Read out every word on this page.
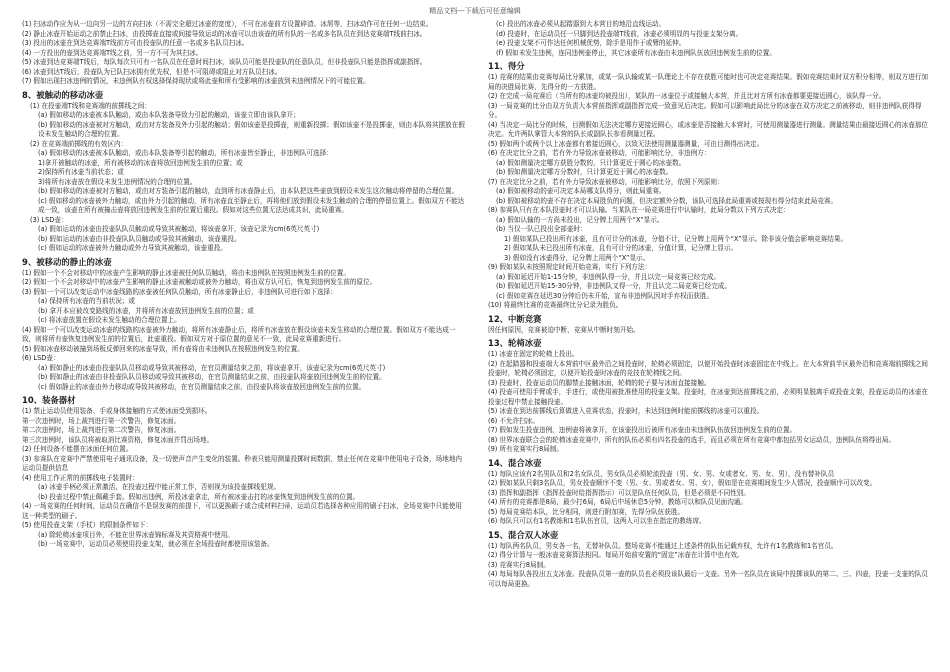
精品文档---下载后可任意编辑

(1) 扫冰动作应为从一边向另一边的方向扫冰（不需完全超过冰壶的宽度），不可在冰壶前方设置碎渣、冰屑等，扫冰动作可在任何一边结束。

(2) 静止冰壶开始运动之前禁止扫冰，由投掷壶直接或间接导致运动的冰壶可以由该壶的所有队的一名或多名队员在到达竞赛端T线前扫冰。

(3) 投出的冰壶在到达竞赛端T线前方可由投壶队的任意一名或多名队员扫冰。

(4) 一方投出的壶到达竞赛端T线之前，另一方不可为其扫冰。

(5) 冰壶到达竞赛端T线后，每队每次只可有一名队员在任意时间扫冰，该队员可能是投壶队的任意队员，但非投壶队只能是指挥或副指挥。

(6) 冰壶到达T线后，投壶队为已队扫冰拥有优先权，但是不可阻碍或阻止对方队员扫冰。

(7) 假如出现扫冰违例的情况，未违例队有权选择保持现状或将此壶和所有受影响的冰壶放到未违例情况下的可能位置。

8、被触动的移动冰壶

(1) 在投壶端T线和竞赛端的前掷线之间：

(a) 假如移动的冰壶被本队触动，或由本队装备导致力引起的触动，该壶立即由该队拿开；

(b) 假如移动的冰壶被对方触动，或由对方装备及外力引起的触动；假如该壶是投掷壶，则重新投掷；假如该壶不是投掷壶，则由本队将其摆放在假设未发生触动的合理的位置。

(2) 在竞赛端前掷线的有效区内：

(a) 假如移动的冰壶被本队触动，或由本队装备等引起的触动，所有冰壶皆至静止，非违例队可选择：

1)拿开被触动的冰壶，所有被移动的冰壶将放回违例发生前的位置；或

2)保持所有冰壶当前状态；或

3)将所有冰壶放在假设未发生违例情况的合理的位置。

(b) 假如移动的冰壶被对方触动，或由对方装备引起的触动，直到所有冰壶静止后，由本队把这些壶放到假设未发生这次触动将停留的合理位置。

(c) 假如移动的冰壶被外力触动，或由外力引起的触动，所有冰壶直至静止后，再将他们放到假设未发生触动的合理的停留位置上。假如双方不能达成一致，该壶在所有被撞击壶将放回违例发生前的位置后重投。假如对这些位置无法达成共识，此局重赛。

(3) LSD壶：

(a) 假如运动的冰壶由投壶队队员触动或导致其被触动，将该壶拿开，该壶记录为cm(6英尺英寸)

(b) 假如运动的冰壶由非投壶队队员触动或导致其被触动，该壶重投。

(c) 假如运动的冰壶被外力触动或外力导致其被触动，该壶重投。

9、被移动的静止的冰壶

(1) 假如一个不会对移动中的冰壶产生影响的静止冰壶被任何队员触动，将由未违例队在按照违例发生前的位置。

(2) 假如一个不会对移动中的冰壶产生影响的静止冰壶被触动或被外力触动，将由双方认可后，恢复到违例发生前的原位。

(3) 假如一个可以改变运动中冰壶线路的冰壶被任何队员触动，所有冰壶静止后，非违例队可进行如下选择：

(a) 保持所有冰壶的当前状况；或

(b) 拿开本应被改变路线的冰壶，并将所有冰壶放回违例发生前的位置；或

(c) 将冰壶放置在假设未发生触动的合理位置上。

(4) 假如一个可以改变运动冰壶的线路的冰壶被外力触动，将所有冰壶静止后，将所有冰壶放在假设该壶未发生移动的合理位置。假如双方不能达成一致，则将所有壶恢复违例发生前的位置后，此壶重投。假如双方对于原位置的意见不一致，此局竞赛重新进行。

(5) 假如冰壶移动被撞到场板反弹回来的冰壶导致，所有壶将由未违例队在按照违例发生的位置。

(6) LSD壶：

(a) 假如静止的冰壶由投壶队队员移动或导致其被移动，在官员测量结束之前，将该壶拿开，该壶记录为cm(6英尺英寸)

(b) 假如静止的冰壶由非投壶队队员移动或导致其被移动，在官员测量结束之前，由投壶队将壶放回违例发生前的位置。

(c) 假如静止的冰壶由外力移动或导致其被移动，在官员测量结束之前，由投壶队将该壶放回违例发生前的位置。

10、装备器材

(1) 禁止运动员使用装备、手或身体接触的方式使冰面受到损坏。

第一次违例时，场上裁判进行第一次警告，修复冰面。

第二次违例时，场上裁判进行第二次警告，修复冰面。

第三次违例时，该队员将被取消比赛资格，修复冰面并罚出场地。

(2) 任何设备不能摆在冰面任何位置。

(3) 参赛队在竞赛中严禁使用电子通讯设备，及一切使声音产生变化的装置。秒表只能用测量投掷时间数据，禁止任何在竞赛中使用电子设备，场地地内运动员提供信息

(4) 使用工作正常的前掷线电子装置时：

(a) 冰壶手柄必须正常激活，在投壶过程中能正常工作，否则视为该投壶掷线犯规。

(b) 投壶过程中禁止佩戴手套。假如出违例，所投冰壶拿走，所有被冰壶击打的冰壶恢复到违例发生前的位置。

(4) 一场竞赛的任何时间，运动员在确信不是误发赛的前提下，可以更换刷子或合成材料扫帚，运动员若选择各种应用的刷子扫冰，全场竞赛中只能使用这一种类型的刷子。

(5) 使用投壶支架（手杖）的限制条件如下：

(a) 除轮椅冰壶项目外，不能在世界冰壶锦标赛及其资格赛中使用。

(b) 一场竞赛中，运动员必须使用投壶支架，就必须在全场投壶时都使用该装备。

(c) 投出的冰壶必须从起踏器到大本营目的地沿直线运动。

(d) 投壶时，在运动员任一只脚到达投壶端T线前，冰壶必须明显的与投壶支架分离。

(e) 投壶支架不可作达任何机械优势，除手是用作于或臂的延伸。

(f) 假如未发生违例，连同违例壶停止，其它冰壶所有冰壶由未违例队伍放回违例发生前的位置。

11、得分

(1) 竞赛的结果由竞赛每局比分累加，或某一队认输或某一队理论上不存在获胜可能时也可决定竞赛结果。假如竞赛结束时双方积分相等，则双方进行加局的决胜局比赛，先得分的一方获胜。

(2) 在完成一局竞赛后（当所有的冰壶均被投出），某队的一冰壶位于或接触大本营，并且比对方所有冰壶都要更接近圆心，该队得一分。

(3) 一局竞赛的比分由双方负责大本营前指挥或副指挥完成一致意见后决定。假如可以影响此局比分的冰壶在双方决定之前被移动，则非违例队获得得分。

(4) 当决定一局比分的时候，目测假如无法决定哪方更接近圆心，或冰壶是否接触大本营时，可使用测量器进行测量。测量结果由最接近圆心的冰壶那位决定。允许两队掌管大本营的队长或副队长参看测量过程。

(5) 假如两个或两个以上冰壶都有着接近圆心，以致无法使用测量器测量，可由目测得出决定。

(6) 在决定比分之前，若有外力导致冰壶被移动，可能影响比分，非违例方：

(a) 假如测量决定哪方获胜分数的，只计算更近于圆心的冰壶数。

(b) 假如测量决定哪方分数时，只计算更近于圆心的冰壶数。

(7) 在决定比分之前，若有外力导致冰壶被移动，可能影响比分，依照下列原则：

(a) 假如被移动的壶可决定本局哪支队得分，则此局重赛。

(b) 假如被移动的壶不存在决定本局胜负的问题，但决定额外分数，该队可选择此局重赛或按现有得分结束此局竞赛。

(8) 参赛队只有在本队投壶时才可以认输。当某队在一局竞赛进行中认输时，此局分数以下列方式决定：

(a) 假如认输的一方尚未投出，记分牌上用两个“X”显示。

(b) 当仅一队已投出全部壶时：

1) 假如某队已投出所有冰壶，且有可计分的冰壶，分值不计，记分牌上用两个“X”显示。除非该分值会影响竞赛结果。

2) 假如某队未已投出所有冰壶，且有可计分的冰壶，分值计算，记分牌上显示。

3) 假如没有冰壶得分，记分牌上用两个“X”显示。

(9) 假如某队未按照规定时间开始竞赛，实行下列方法：

(a) 假如延迟开始1-15分钟，非违例队得一分，并且以完一局竞赛已经完成。

(b) 假如延迟开始15-30分钟，非违例队又得一分，并且认完二局竞赛已经完成。

(c) 假如竞赛在延迟30分钟后仍未开始，宣布非违例队因对手弃权而获胜。

(10) 将最终比赛的竞赛最终比分记录为胜负。

12、中断竞赛

因任何原因，竞赛被迫中断，竞赛从中断时刻开始。

13、轮椅冰壶

(1) 冰壶在固定的轮椅上投出。

(2) 在起踏器和投壶端大本营前中区最外沿之间投壶时，轮椅必须固定，以便开始投壶时冰壶固定在中线上。在大本营前半区最外沿和竞赛端前掷线之间投壶时，轮椅必须固定，以便开始投壶时冰壶的竞技在轮椅线之间。

(3) 投壶时，投壶运动员的脚禁止接触冰面，轮椅的轮子要与冰面直接接触。

(4) 投壶可使用手臂或手，手进行，或使用被批准使用的投壶支架。投壶时，在冰壶到达前掷线之前，必须明显脱离手或投壶支架，投壶运动员的冰壶在投壶过程中禁止接触投壶。

(5) 冰壶在到达前掷线后算做进入竞赛状态，投壶时，未达到违例时能前掷线的冰壶可以重投。

(6) 不允许扫冰。

(7) 假如发生投壶违例，违例壶将被拿开，在该壶投出后被所有冰壶由未违例队伍放回违例发生前的位置。

(8) 世界冰壶联合会的轮椅冰壶竞赛中，所有的队伍必须有四名投壶的选手，而且必须在所有竞赛中都包括男女运动员，违例队伍将得出局。

(9) 所有竞赛实行8局制。

14、混合冰壶

(1) 每队应该有2名男队员和2名女队员，男女队员必须轮流投壶（男、女、男、女或者女、男、女、男），没有替补队员

(2) 假如某队只剩3名队员，男女投壶顺序不变（男、女、男或者女、男、女），假如是在竞赛期间发生少人情况，投壶顺序可以改变。

(3) 指挥和副指挥（指挥投壶时给指挥指示）可以是队伍任何队员，但是必须是不同性别。

(4) 所有的竞赛都是8局，最少打6局，6局后中场休息5分钟，教练可以和队员见面沟通。

(5) 每局竞赛给本队，比分相同，则进行附加赛，先得分队伍获胜。

(6) 每队只可以有1名教练和1名队伍官员，这两人可以坐在指定的教练席。

15、混合双人冰壶

(1) 每队两名队员，男女各一名，无替补队员。整场竞赛不能通过上述条件的队伍记载弃权，允许有1名教练和1名官员。

(2) 得分计算与一般冰壶竞赛算法相同。每局开始前安置的“固定”冰壶在计算中也有效。

(3) 竞赛实行8局制。

(4) 每局每队各投出五支冰壶。投壶队员第一壶的队员也必须投该队最后一支壶。另外一名队员在该局中投掷该队的第二、三、四壶，投壶一支壶的队员可以每局更换。
